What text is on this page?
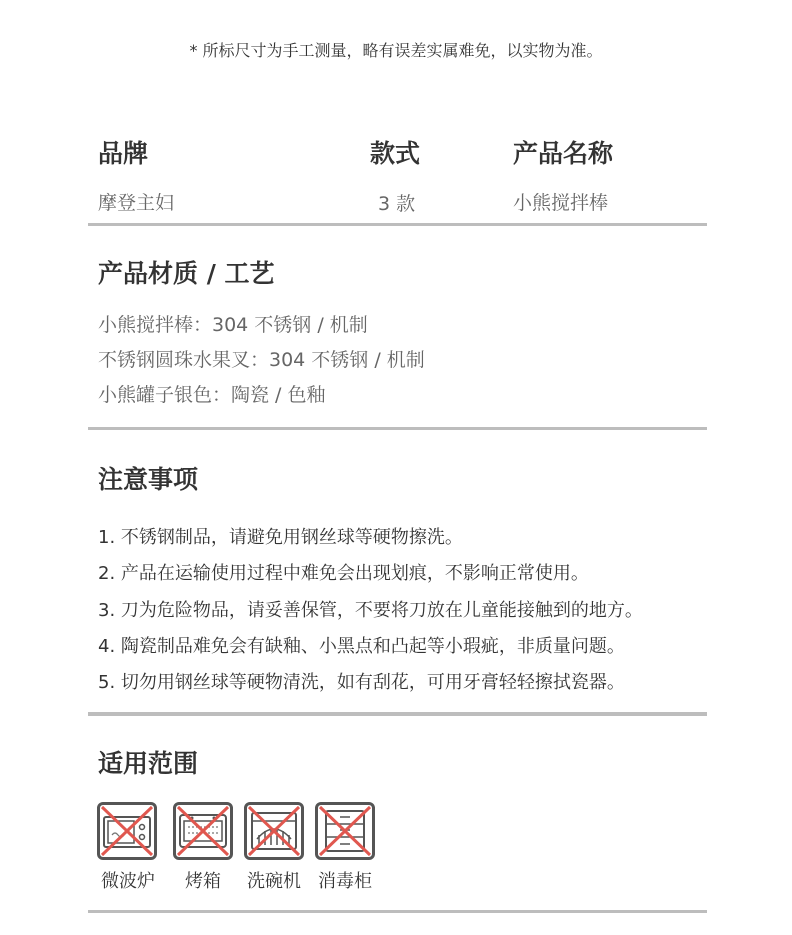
* 所标尺寸为手工测量，略有误差实属难免，以实物为准。
品牌	款式	产品名称
摩登主妇	3 款	小熊搅拌棒
产品材质 / 工艺
小熊搅拌棒：304 不锈钢 / 机制
不锈钢圆珠水果叉：304 不锈钢 / 机制
小熊罐子银色：陶瓷 / 色釉
注意事项
1. 不锈钢制品，请避免用钢丝球等硬物擦洗。
2. 产品在运输使用过程中难免会出现划痕，不影响正常使用。
3. 刀为危险物品，请妥善保管，不要将刀放在儿童能接触到的地方。
4. 陶瓷制品难免会有缺釉、小黑点和凸起等小瑕疵，非质量问题。
5. 切勿用钢丝球等硬物清洗，如有刮花，可用牙膏轻轻擦拭瓷器。
适用范围
微波炉	烤箱	洗碗机 消毒柜
